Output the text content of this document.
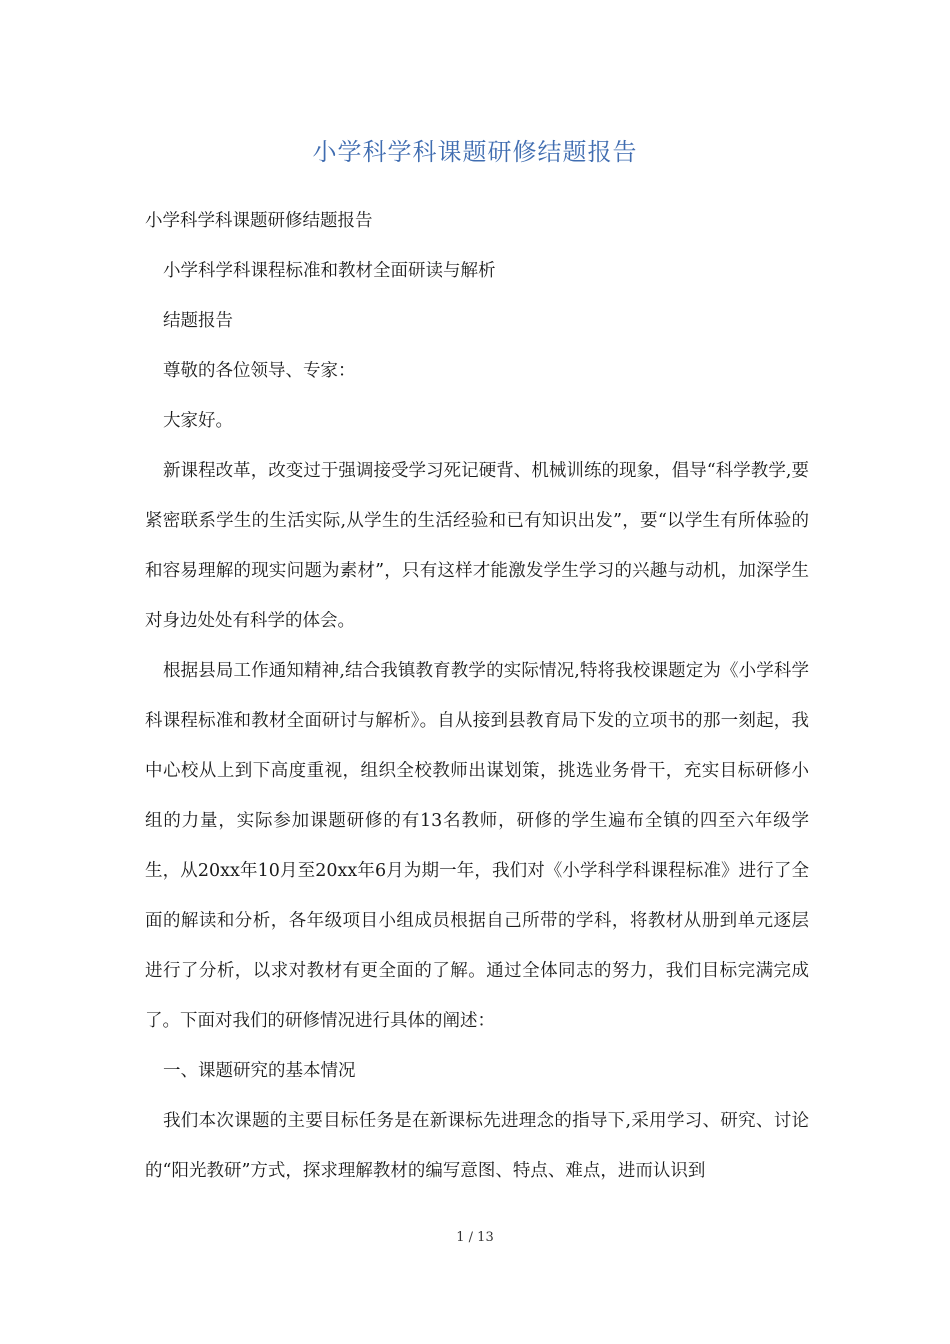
小学科学科课题研修结题报告

小学科学科课题研修结题报告

小学科学科课程标准和教材全面研读与解析

结题报告

尊敬的各位领导、专家：

大家好。

新课程改革，改变过于强调接受学习死记硬背、机械训练的现象，倡导“科学教学,要紧密联系学生的生活实际,从学生的生活经验和已有知识出发”，要“以学生有所体验的和容易理解的现实问题为素材”，只有这样才能激发学生学习的兴趣与动机，加深学生对身边处处有科学的体会。

根据县局工作通知精神,结合我镇教育教学的实际情况,特将我校课题定为《小学科学科课程标准和教材全面研讨与解析》。自从接到县教育局下发的立项书的那一刻起，我中心校从上到下高度重视，组织全校教师出谋划策，挑选业务骨干，充实目标研修小组的力量，实际参加课题研修的有13名教师，研修的学生遍布全镇的四至六年级学生，从20xx年10月至20xx年6月为期一年，我们对《小学科学科课程标准》进行了全面的解读和分析，各年级项目小组成员根据自己所带的学科，将教材从册到单元逐层进行了分析，以求对教材有更全面的了解。通过全体同志的努力，我们目标完满完成了。下面对我们的研修情况进行具体的阐述：

一、课题研究的基本情况

我们本次课题的主要目标任务是在新课标先进理念的指导下,采用学习、研究、讨论的“阳光教研”方式，探求理解教材的编写意图、特点、难点，进而认识到

1 / 13
